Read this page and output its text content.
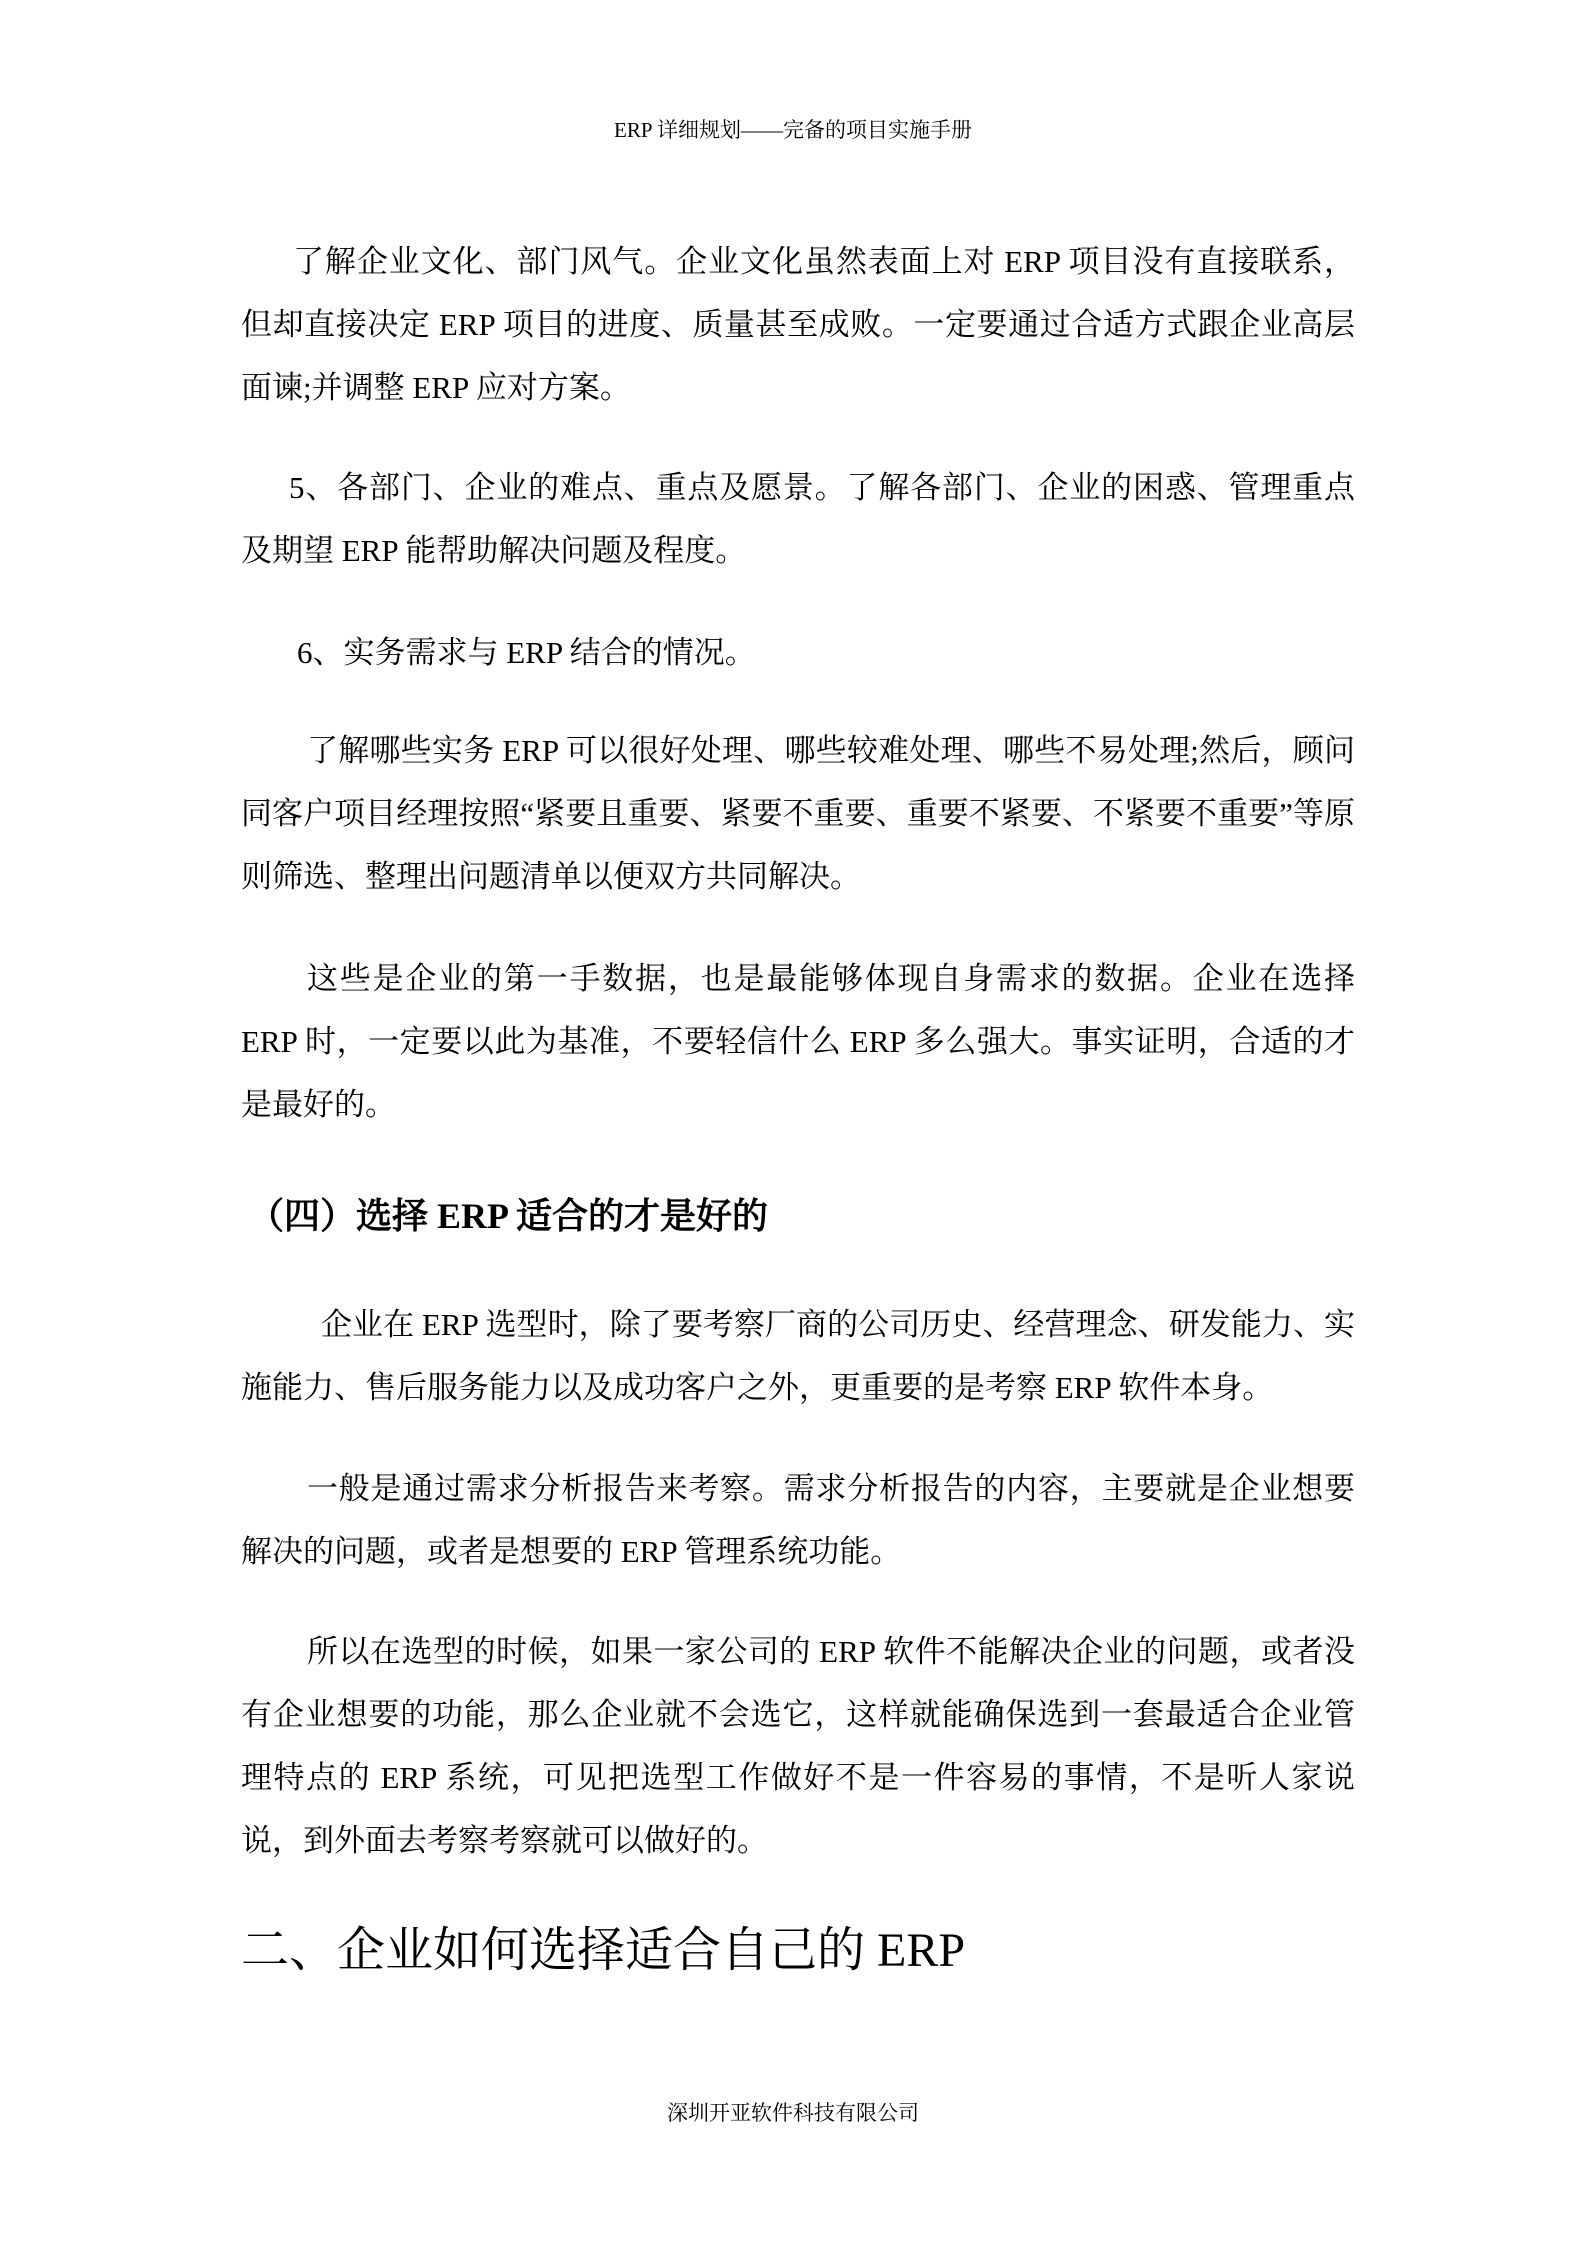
ERP 详细规划——完备的项目实施手册

了解企业文化、部门风气。企业文化虽然表面上对 ERP 项目没有直接联系，但却直接决定 ERP 项目的进度、质量甚至成败。一定要通过合适方式跟企业高层面谏;并调整 ERP 应对方案。

5、各部门、企业的难点、重点及愿景。了解各部门、企业的困惑、管理重点及期望 ERP 能帮助解决问题及程度。

6、实务需求与 ERP 结合的情况。

了解哪些实务 ERP 可以很好处理、哪些较难处理、哪些不易处理;然后，顾问同客户项目经理按照“紧要且重要、紧要不重要、重要不紧要、不紧要不重要”等原则筛选、整理出问题清单以便双方共同解决。

这些是企业的第一手数据，也是最能够体现自身需求的数据。企业在选择 ERP 时，一定要以此为基准，不要轻信什么 ERP 多么强大。事实证明，合适的才是最好的。

（四）选择 ERP 适合的才是好的

企业在 ERP 选型时，除了要考察厂商的公司历史、经营理念、研发能力、实施能力、售后服务能力以及成功客户之外，更重要的是考察 ERP 软件本身。

一般是通过需求分析报告来考察。需求分析报告的内容，主要就是企业想要解决的问题，或者是想要的 ERP 管理系统功能。

所以在选型的时候，如果一家公司的 ERP 软件不能解决企业的问题，或者没有企业想要的功能，那么企业就不会选它，这样就能确保选到一套最适合企业管理特点的 ERP 系统，可见把选型工作做好不是一件容易的事情，不是听人家说说，到外面去考察考察就可以做好的。

二、企业如何选择适合自己的 ERP
深圳开亚软件科技有限公司
